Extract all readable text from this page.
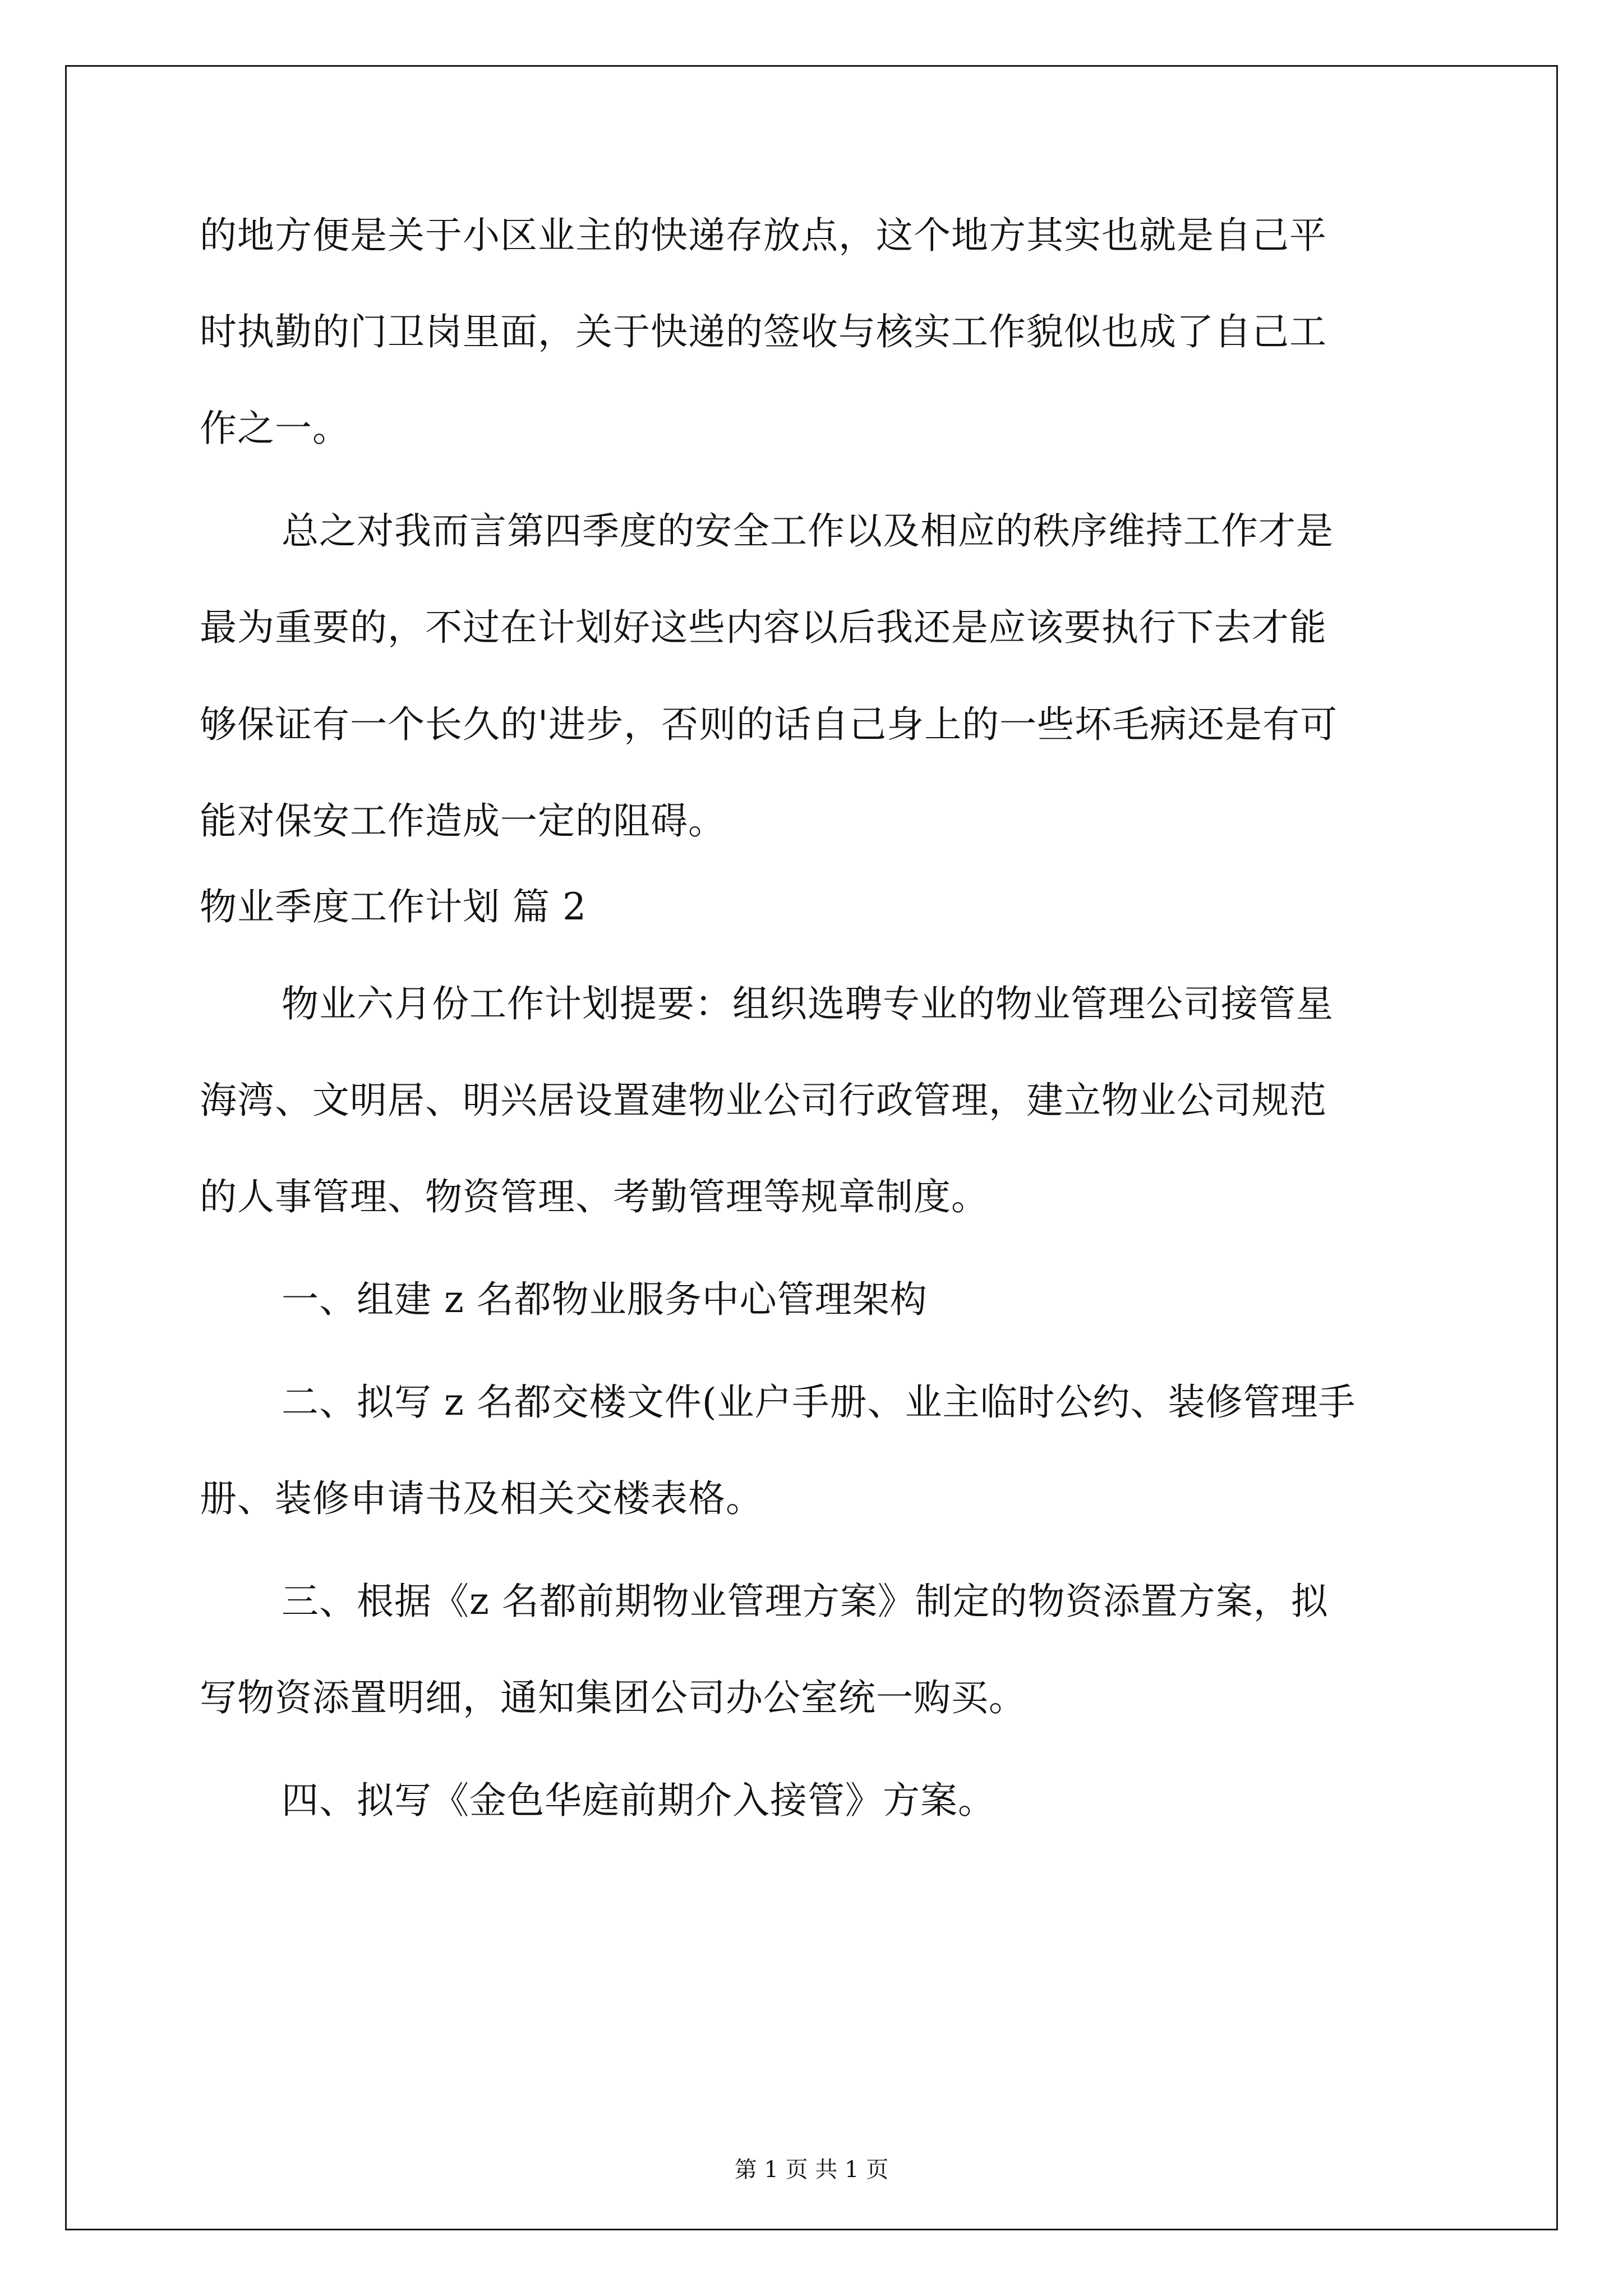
的地方便是关于小区业主的快递存放点，这个地方其实也就是自己平
时执勤的门卫岗里面，关于快递的签收与核实工作貌似也成了自己工
作之一。
总之对我而言第四季度的安全工作以及相应的秩序维持工作才是
最为重要的，不过在计划好这些内容以后我还是应该要执行下去才能
够保证有一个长久的'进步，否则的话自己身上的一些坏毛病还是有可
能对保安工作造成一定的阻碍。
物业季度工作计划 篇 2
物业六月份工作计划提要：组织选聘专业的物业管理公司接管星
海湾、文明居、明兴居设置建物业公司行政管理，建立物业公司规范
的人事管理、物资管理、考勤管理等规章制度。
一、组建 z 名都物业服务中心管理架构
二、拟写 z 名都交楼文件(业户手册、业主临时公约、装修管理手
册、装修申请书及相关交楼表格。
三、根据《z 名都前期物业管理方案》制定的物资添置方案，拟
写物资添置明细，通知集团公司办公室统一购买。
四、拟写《金色华庭前期介入接管》方案。
第 1 页 共 1 页
